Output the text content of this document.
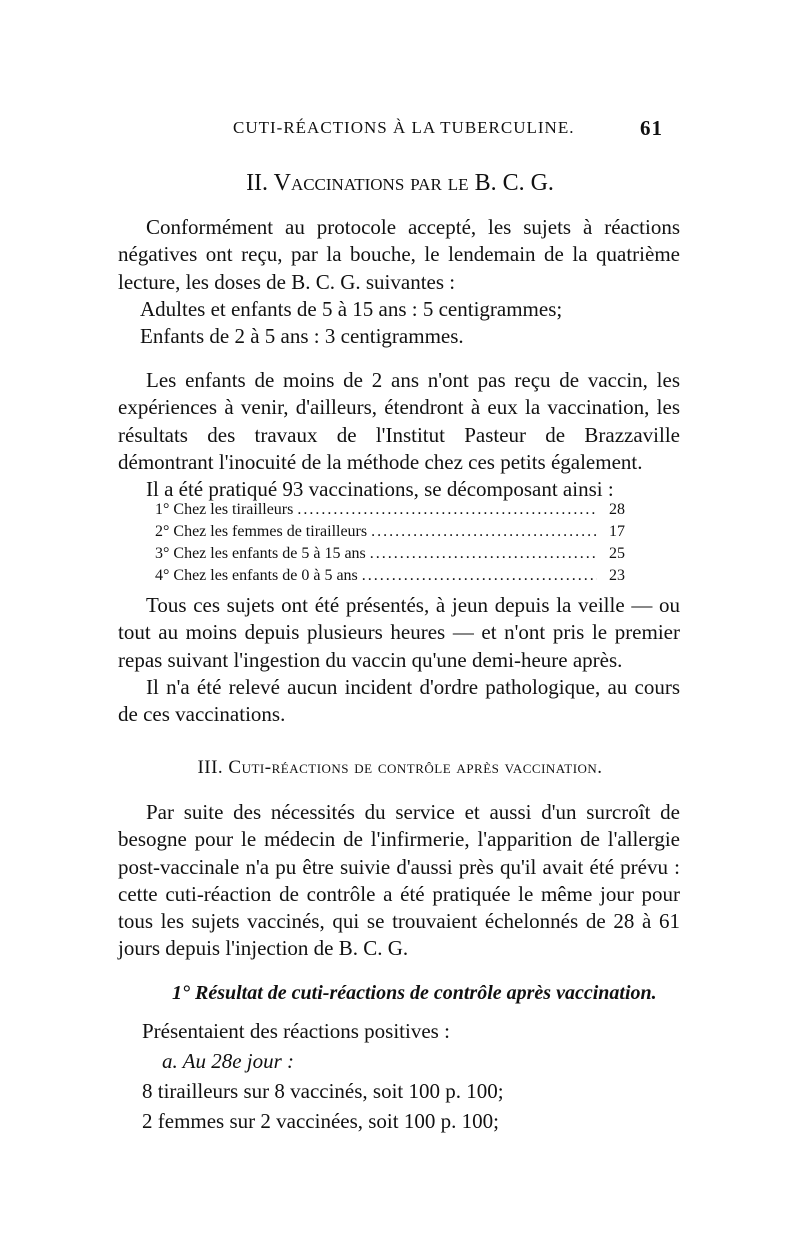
CUTI-RÉACTIONS À LA TUBERCULINE.	61
II. Vaccinations par le B. C. G.

Conformément au protocole accepté, les sujets à réactions négatives ont reçu, par la bouche, le lendemain de la quatrième lecture, les doses de B. C. G. suivantes :

Adultes et enfants de 5 à 15 ans : 5 centigrammes;
Enfants de 2 à 5 ans : 3 centigrammes.

Les enfants de moins de 2 ans n'ont pas reçu de vaccin, les expériences à venir, d'ailleurs, étendront à eux la vaccination, les résultats des travaux de l'Institut Pasteur de Brazzaville démontrant l'inocuité de la méthode chez ces petits également.

Il a été pratiqué 93 vaccinations, se décomposant ainsi :

1° Chez les tirailleurs .....	28
2° Chez les femmes de tirailleurs .....	17
3° Chez les enfants de 5 à 15 ans .....	25
4° Chez les enfants de 0 à 5 ans .....	23

Tous ces sujets ont été présentés, à jeun depuis la veille — ou tout au moins depuis plusieurs heures — et n'ont pris le premier repas suivant l'ingestion du vaccin qu'une demi-heure après.

Il n'a été relevé aucun incident d'ordre pathologique, au cours de ces vaccinations.

III. Cuti-réactions de contrôle après vaccination.

Par suite des nécessités du service et aussi d'un surcroît de besogne pour le médecin de l'infirmerie, l'apparition de l'allergie post-vaccinale n'a pu être suivie d'aussi près qu'il avait été prévu : cette cuti-réaction de contrôle a été pratiquée le même jour pour tous les sujets vaccinés, qui se trouvaient échelonnés de 28 à 61 jours depuis l'injection de B. C. G.

1° Résultat de cuti-réactions de contrôle après vaccination.
Présentaient des réactions positives :
a. Au 28e jour :
8 tirailleurs sur 8 vaccinés, soit 100 p. 100;
2 femmes sur 2 vaccinées, soit 100 p. 100;
